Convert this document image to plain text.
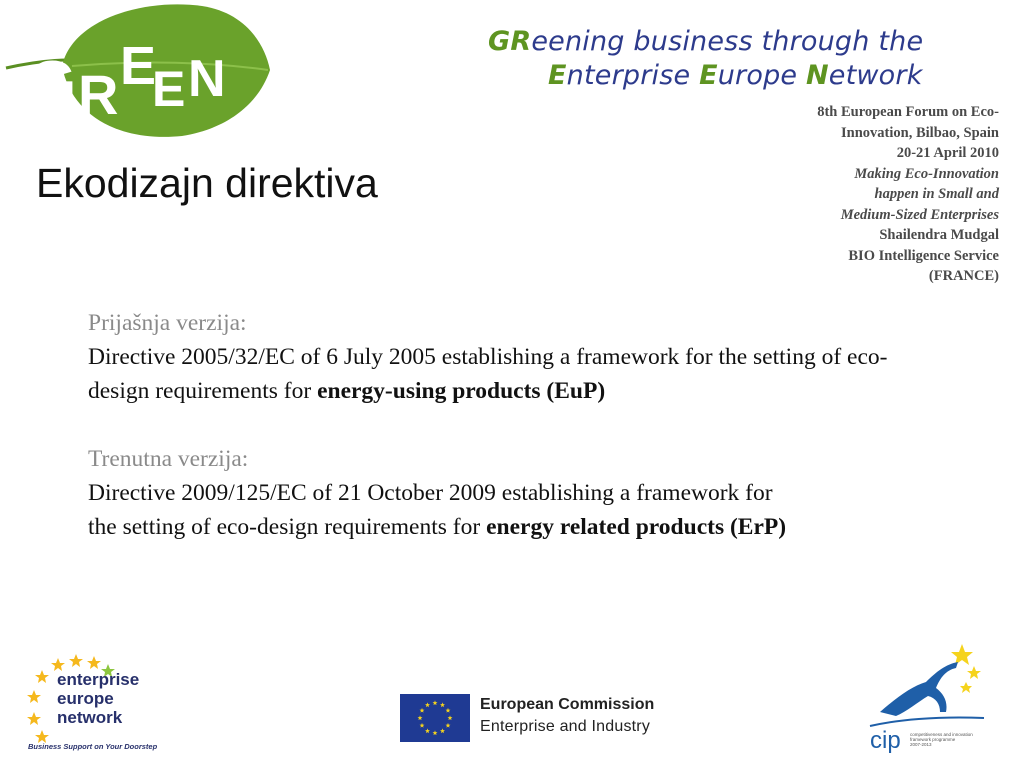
G R E
E N
GReening business through the
Enterprise Europe Network
8th European Forum on Eco-
Innovation, Bilbao, Spain
20-21 April 2010
Making Eco-Innovation
happen in Small and
Medium-Sized Enterprises
Shailendra Mudgal
BIO Intelligence Service
(FRANCE)
Ekodizajn direktiva
Prijašnja verzija:
Directive 2005/32/EC of 6 July 2005 establishing a framework for the setting of eco-design requirements for energy-using products (EuP)
Trenutna verzija:
Directive 2009/125/EC of 21 October 2009 establishing a framework for the setting of eco-design requirements for energy related products (ErP)
enterprise
europe
network
Business Support on Your Doorstep
European Commission
Enterprise and Industry
cip competitiveness and innovation framework programme 2007-2013
